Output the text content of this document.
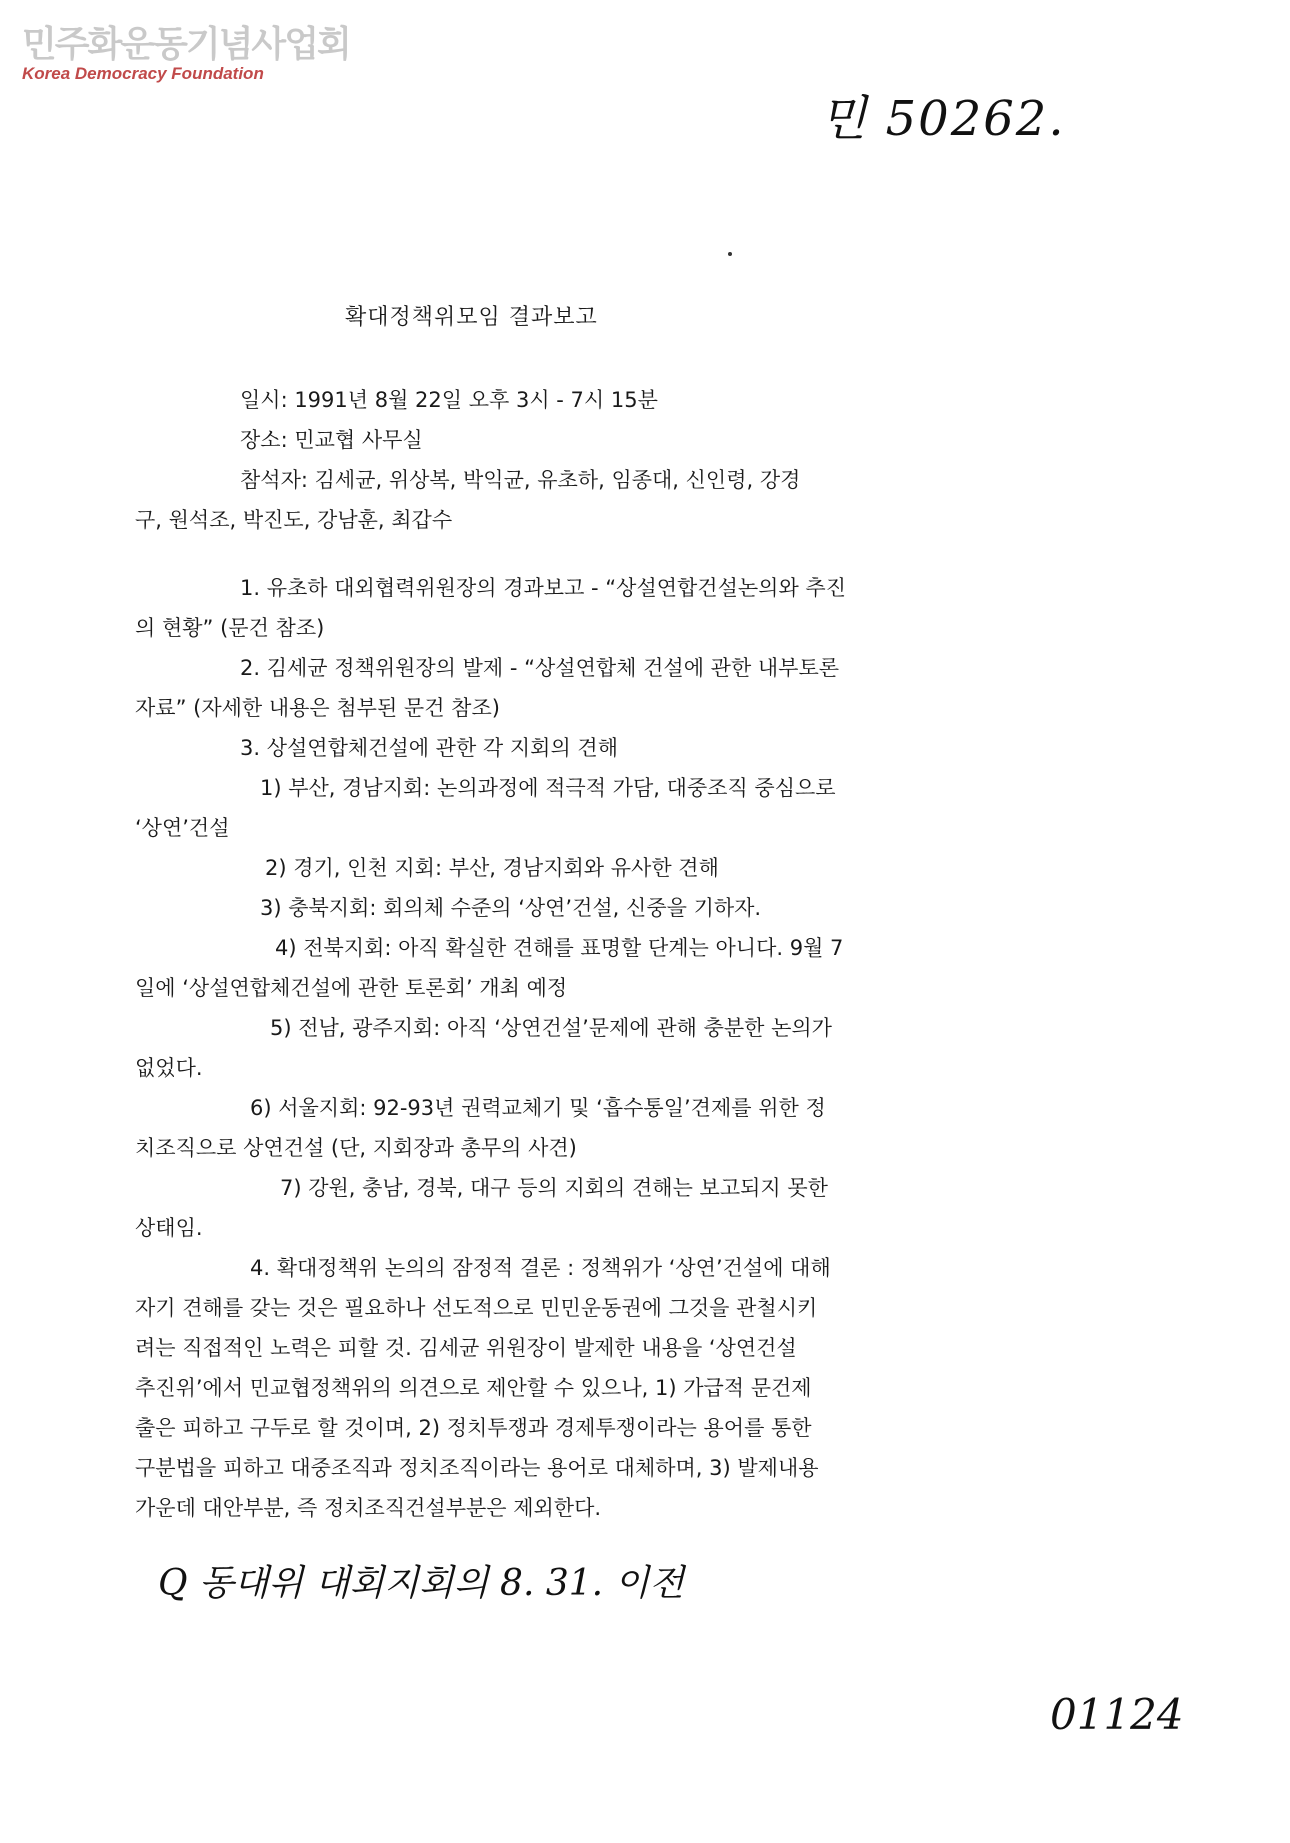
민주화운동기념사업회
Korea Democracy Foundation
민 50262.
확대정책위모임 결과보고

일시: 1991년 8월 22일 오후 3시 - 7시 15분

장소: 민교협 사무실

참석자: 김세균, 위상복, 박익균, 유초하, 임종대, 신인령, 강경

구, 원석조, 박진도, 강남훈, 최갑수

1. 유초하 대외협력위원장의 경과보고 - “상설연합건설논의와 추진

의 현황” (문건 참조)

2. 김세균 정책위원장의 발제 - “상설연합체 건설에 관한 내부토론

자료” (자세한 내용은 첨부된 문건 참조)

3. 상설연합체건설에 관한 각 지회의 견해

1) 부산, 경남지회: 논의과정에 적극적 가담, 대중조직 중심으로

‘상연’건설

2) 경기, 인천 지회: 부산, 경남지회와 유사한 견해

3) 충북지회: 회의체 수준의 ‘상연’건설, 신중을 기하자.

4) 전북지회: 아직 확실한 견해를 표명할 단계는 아니다. 9월 7

일에 ‘상설연합체건설에 관한 토론회’ 개최 예정

5) 전남, 광주지회: 아직 ‘상연건설’문제에 관해 충분한 논의가

없었다.

6) 서울지회: 92-93년 권력교체기 및 ‘흡수통일’견제를 위한 정

치조직으로 상연건설 (단, 지회장과 총무의 사견)

7) 강원, 충남, 경북, 대구 등의 지회의 견해는 보고되지 못한

상태임.

4. 확대정책위 논의의 잠정적 결론 : 정책위가 ‘상연’건설에 대해

자기 견해를 갖는 것은 필요하나 선도적으로 민민운동권에 그것을 관철시키

려는 직접적인 노력은 피할 것. 김세균 위원장이 발제한 내용을 ‘상연건설

추진위’에서 민교협정책위의 의견으로 제안할 수 있으나, 1) 가급적 문건제

출은 피하고 구두로 할 것이며, 2) 정치투쟁과 경제투쟁이라는 용어를 통한

구분법을 피하고 대중조직과 정치조직이라는 용어로 대체하며, 3) 발제내용

가운데 대안부분, 즉 정치조직건설부분은 제외한다.

Q 동대위 대회지회의 8. 31. 이전
01124
